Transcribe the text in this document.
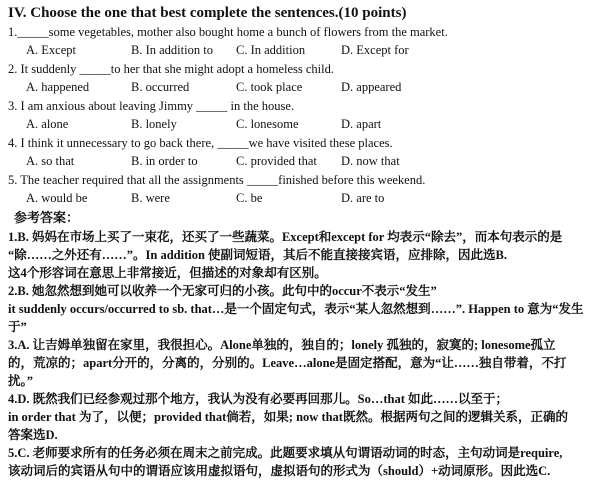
IV. Choose the one that best complete the sentences.(10 points)

1._____some vegetables, mother also bought home a bunch of flowers from the market.

A. Except	B. In addition to	C. In addition	D. Except for

2. It suddenly _____to her that she might adopt a homeless child.

A. happened	B. occurred	C. took place	D. appeared

3. I am anxious about leaving Jimmy _____ in the house.

A. alone	B. lonely	C. lonesome	D. apart

4. I think it unnecessary to go back there, _____we have visited these places.

A. so that	B. in order to	C. provided that	D. now that

5. The teacher required that all the assignments _____finished before this weekend.

A. would be	B. were	C. be	D. are to

参考答案：

1.B. 妈妈在市场上买了一束花，还买了一些蔬菜。Except和except for 均表示“除去”，而本句表示的是

“除……之外还有……”。In addition 使副词短语，其后不能直接接宾语，应排除，因此选B.

这4个形容词在意思上非常接近，但描述的对象却有区别。

2.B. 她忽然想到她可以收养一个无家可归的小孩。此句中的occur不表示“发生”

it suddenly occurs/occurred to sb. that…是一个固定句式，表示“某人忽然想到……”. Happen to 意为“发生

于”

3.A. 让吉姆单独留在家里，我很担心。Alone单独的，独自的；lonely 孤独的，寂寞的; lonesome孤立

的，荒凉的；apart分开的，分离的，分别的。Leave…alone是固定搭配，意为“让……独自带着，不打

扰。”

4.D. 既然我们已经参观过那个地方，我认为没有必要再回那儿。So…that 如此……以至于；

in order that 为了，以便；provided that倘若，如果; now that既然。根据两句之间的逻辑关系，正确的

答案选D.

5.C. 老师要求所有的任务必须在周末之前完成。此题要求填从句谓语动词的时态，主句动词是require,

该动词后的宾语从句中的谓语应该用虚拟语句，虚拟语句的形式为（should）+动词原形。因此选C.
